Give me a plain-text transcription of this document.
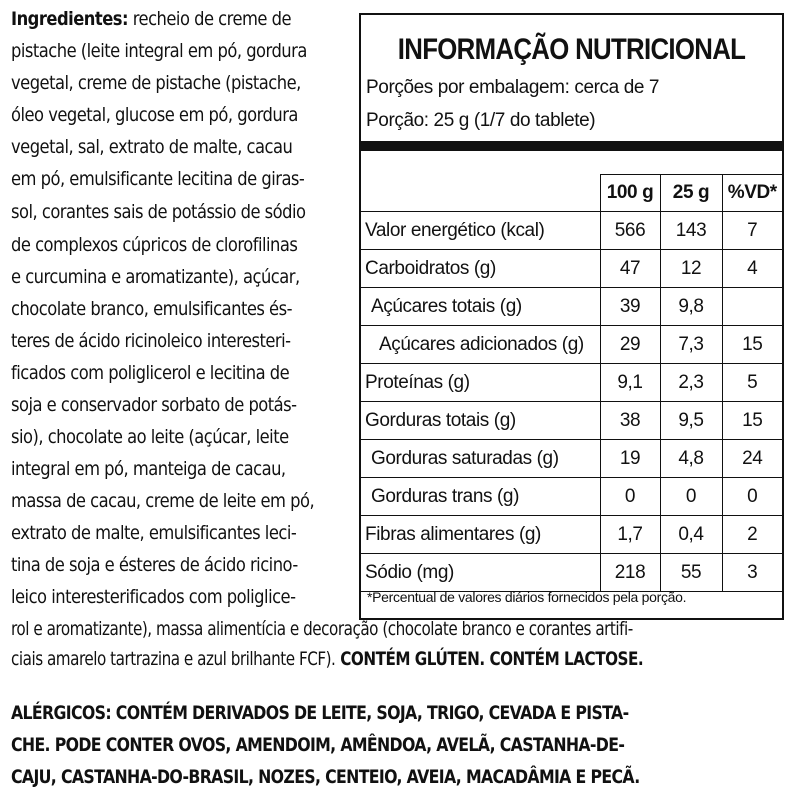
Ingredientes: recheio de creme de
pistache (leite integral em pó, gordura
vegetal, creme de pistache (pistache,
óleo vegetal, glucose em pó, gordura
vegetal, sal, extrato de malte, cacau
em pó, emulsificante lecitina de giras-
sol, corantes sais de potássio de sódio
de complexos cúpricos de clorofilinas
e curcumina e aromatizante), açúcar,
chocolate branco, emulsificantes és-
teres de ácido ricinoleico interesteri-
ficados com poliglicerol e lecitina de
soja e conservador sorbato de potás-
sio), chocolate ao leite (açúcar, leite
integral em pó, manteiga de cacau,
massa de cacau, creme de leite em pó,
extrato de malte, emulsificantes leci-
tina de soja e ésteres de ácido ricino-
leico interesterificados com poliglice-
rol e aromatizante), massa alimentícia e decoração (chocolate branco e corantes artifi-
ciais amarelo tartrazina e azul brilhante FCF). CONTÉM GLÚTEN. CONTÉM LACTOSE.
ALÉRGICOS: CONTÉM DERIVADOS DE LEITE, SOJA, TRIGO, CEVADA E PISTA-
CHE. PODE CONTER OVOS, AMENDOIM, AMÊNDOA, AVELÃ, CASTANHA-DE-
CAJU, CASTANHA-DO-BRASIL, NOZES, CENTEIO, AVEIA, MACADÂMIA E PECÃ.
INFORMAÇÃO NUTRICIONAL
Porções por embalagem: cerca de 7
Porção: 25 g (1/7 do tablete)
	100 g	25 g	%VD*
Valor energético (kcal)	566	143	7
Carboidratos (g)	47	12	4
Açúcares totais (g)	39	9,8	
Açúcares adicionados (g)	29	7,3	15
Proteínas (g)	9,1	2,3	5
Gorduras totais (g)	38	9,5	15
Gorduras saturadas (g)	19	4,8	24
Gorduras trans (g)	0	0	0
Fibras alimentares (g)	1,7	0,4	2
Sódio (mg)	218	55	3
*Percentual de valores diários fornecidos pela porção.
